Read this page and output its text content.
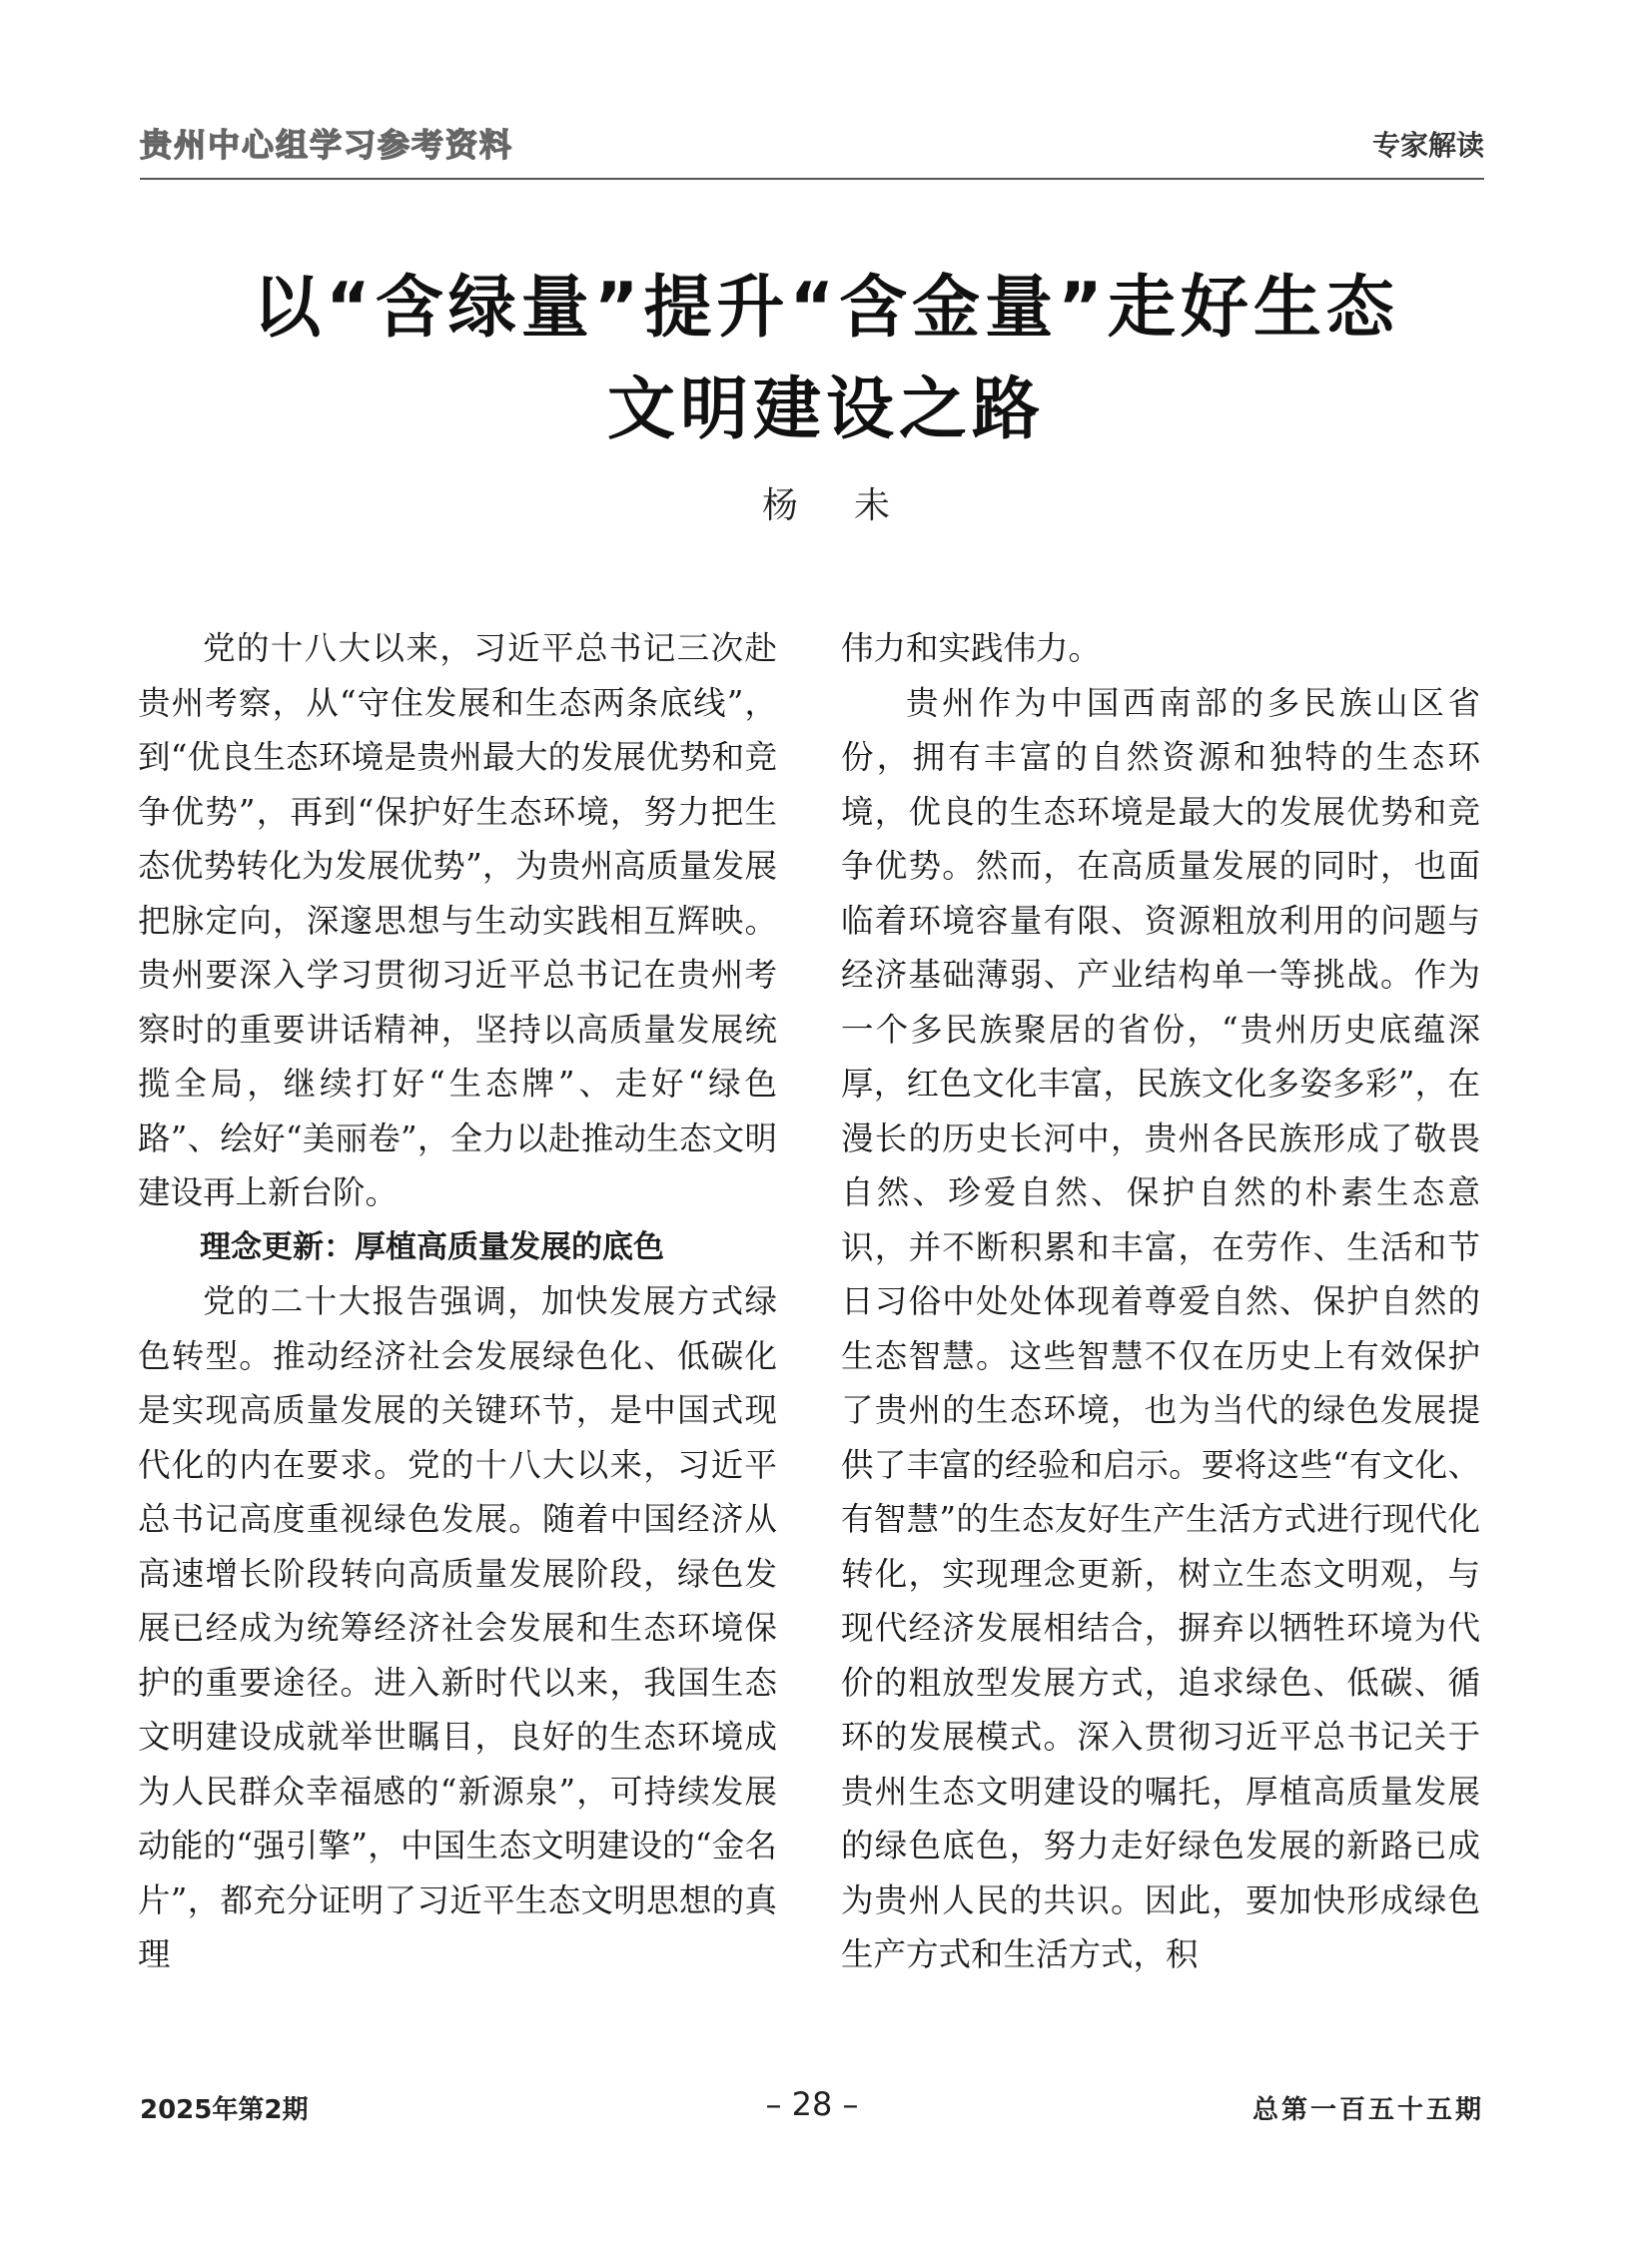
贵州中心组学习参考资料	专家解读
以“含绿量”提升“含金量”走好生态
文明建设之路
杨未

党的十八大以来，习近平总书记三次赴贵州考察，从“守住发展和生态两条底线”，到“优良生态环境是贵州最大的发展优势和竞争优势”，再到“保护好生态环境，努力把生态优势转化为发展优势”，为贵州高质量发展把脉定向，深邃思想与生动实践相互辉映。贵州要深入学习贯彻习近平总书记在贵州考察时的重要讲话精神，坚持以高质量发展统揽全局，继续打好“生态牌”、走好“绿色路”、绘好“美丽卷”，全力以赴推动生态文明建设再上新台阶。

理念更新：厚植高质量发展的底色

党的二十大报告强调，加快发展方式绿色转型。推动经济社会发展绿色化、低碳化是实现高质量发展的关键环节，是中国式现代化的内在要求。党的十八大以来，习近平总书记高度重视绿色发展。随着中国经济从高速增长阶段转向高质量发展阶段，绿色发展已经成为统筹经济社会发展和生态环境保护的重要途径。进入新时代以来，我国生态文明建设成就举世瞩目，良好的生态环境成为人民群众幸福感的“新源泉”，可持续发展动能的“强引擎”，中国生态文明建设的“金名片”，都充分证明了习近平生态文明思想的真理

伟力和实践伟力。

贵州作为中国西南部的多民族山区省份，拥有丰富的自然资源和独特的生态环境，优良的生态环境是最大的发展优势和竞争优势。然而，在高质量发展的同时，也面临着环境容量有限、资源粗放利用的问题与经济基础薄弱、产业结构单一等挑战。作为一个多民族聚居的省份，“贵州历史底蕴深厚，红色文化丰富，民族文化多姿多彩”，在漫长的历史长河中，贵州各民族形成了敬畏自然、珍爱自然、保护自然的朴素生态意识，并不断积累和丰富，在劳作、生活和节日习俗中处处体现着尊爱自然、保护自然的生态智慧。这些智慧不仅在历史上有效保护了贵州的生态环境，也为当代的绿色发展提供了丰富的经验和启示。要将这些“有文化、有智慧”的生态友好生产生活方式进行现代化转化，实现理念更新，树立生态文明观，与现代经济发展相结合，摒弃以牺牲环境为代价的粗放型发展方式，追求绿色、低碳、循环的发展模式。深入贯彻习近平总书记关于贵州生态文明建设的嘱托，厚植高质量发展的绿色底色，努力走好绿色发展的新路已成为贵州人民的共识。因此，要加快形成绿色生产方式和生活方式，积

2025年第2期	– 28 –	总第一百五十五期
